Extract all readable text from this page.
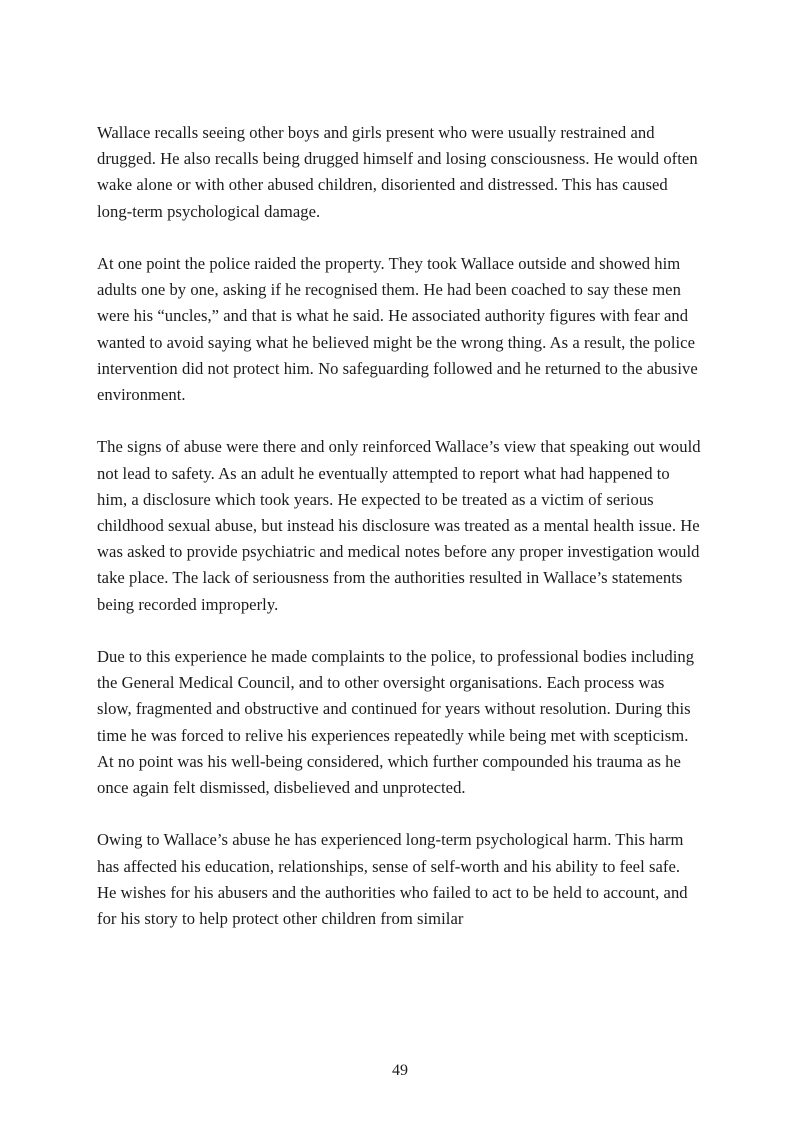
Wallace recalls seeing other boys and girls present who were usually restrained and drugged. He also recalls being drugged himself and losing consciousness. He would often wake alone or with other abused children, disoriented and distressed. This has caused long-term psychological damage.

At one point the police raided the property. They took Wallace outside and showed him adults one by one, asking if he recognised them. He had been coached to say these men were his “uncles,” and that is what he said. He associated authority figures with fear and wanted to avoid saying what he believed might be the wrong thing. As a result, the police intervention did not protect him. No safeguarding followed and he returned to the abusive environment.

The signs of abuse were there and only reinforced Wallace’s view that speaking out would not lead to safety. As an adult he eventually attempted to report what had happened to him, a disclosure which took years. He expected to be treated as a victim of serious childhood sexual abuse, but instead his disclosure was treated as a mental health issue. He was asked to provide psychiatric and medical notes before any proper investigation would take place. The lack of seriousness from the authorities resulted in Wallace’s statements being recorded improperly.

Due to this experience he made complaints to the police, to professional bodies including the General Medical Council, and to other oversight organisations. Each process was slow, fragmented and obstructive and continued for years without resolution. During this time he was forced to relive his experiences repeatedly while being met with scepticism. At no point was his well-being considered, which further compounded his trauma as he once again felt dismissed, disbelieved and unprotected.

Owing to Wallace’s abuse he has experienced long-term psychological harm. This harm has affected his education, relationships, sense of self-worth and his ability to feel safe. He wishes for his abusers and the authorities who failed to act to be held to account, and for his story to help protect other children from similar

49
